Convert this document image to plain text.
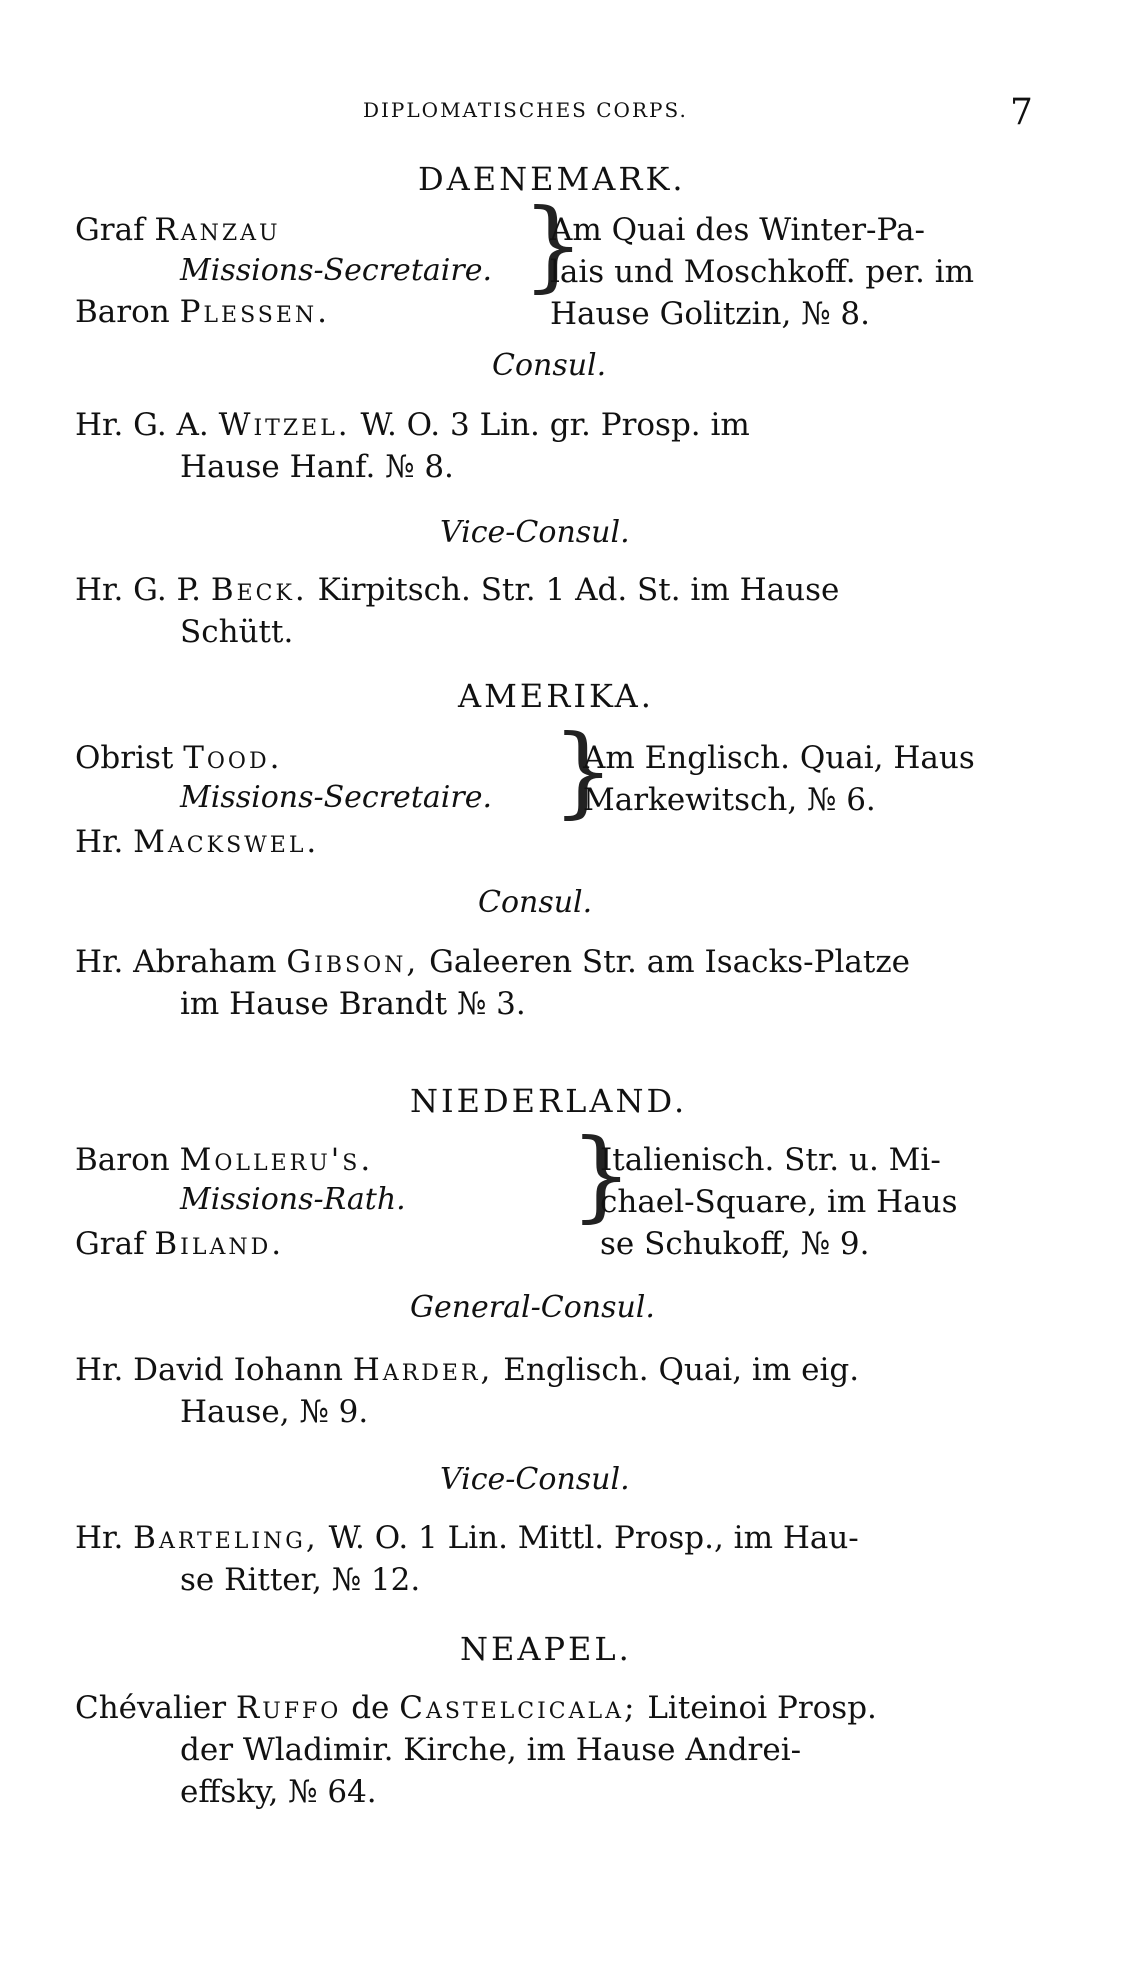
DIPLOMATISCHES CORPS.	7
DAENEMARK.
Graf Ranzau
Missions-Secretaire.
Baron Plessen.
}
Am Quai des Winter-Pa-
lais und Moschkoff. per. im
Hause Golitzin, № 8.
Consul.
Hr. G. A. Witzel. W. O. 3 Lin. gr. Prosp. im
Hause Hanf. № 8.
Vice-Consul.
Hr. G. P. Beck. Kirpitsch. Str. 1 Ad. St. im Hause
Schütt.
AMERIKA.
Obrist Tood.
Missions-Secretaire.
Hr. Mackswel.
}
Am Englisch. Quai, Haus
Markewitsch, № 6.
Consul.
Hr. Abraham Gibson, Galeeren Str. am Isacks-Platze
im Hause Brandt № 3.
NIEDERLAND.
Baron Molleru's.
Missions-Rath.
Graf Biland.
}
Italienisch. Str. u. Mi-
chael-Square, im Haus
se Schukoff, № 9.
General-Consul.
Hr. David Iohann Harder, Englisch. Quai, im eig.
Hause, № 9.
Vice-Consul.
Hr. Barteling, W. O. 1 Lin. Mittl. Prosp., im Hau-
se Ritter, № 12.
NEAPEL.
Chévalier Ruffo de Castelcicala; Liteinoi Prosp.
der Wladimir. Kirche, im Hause Andrei-
effsky, № 64.
